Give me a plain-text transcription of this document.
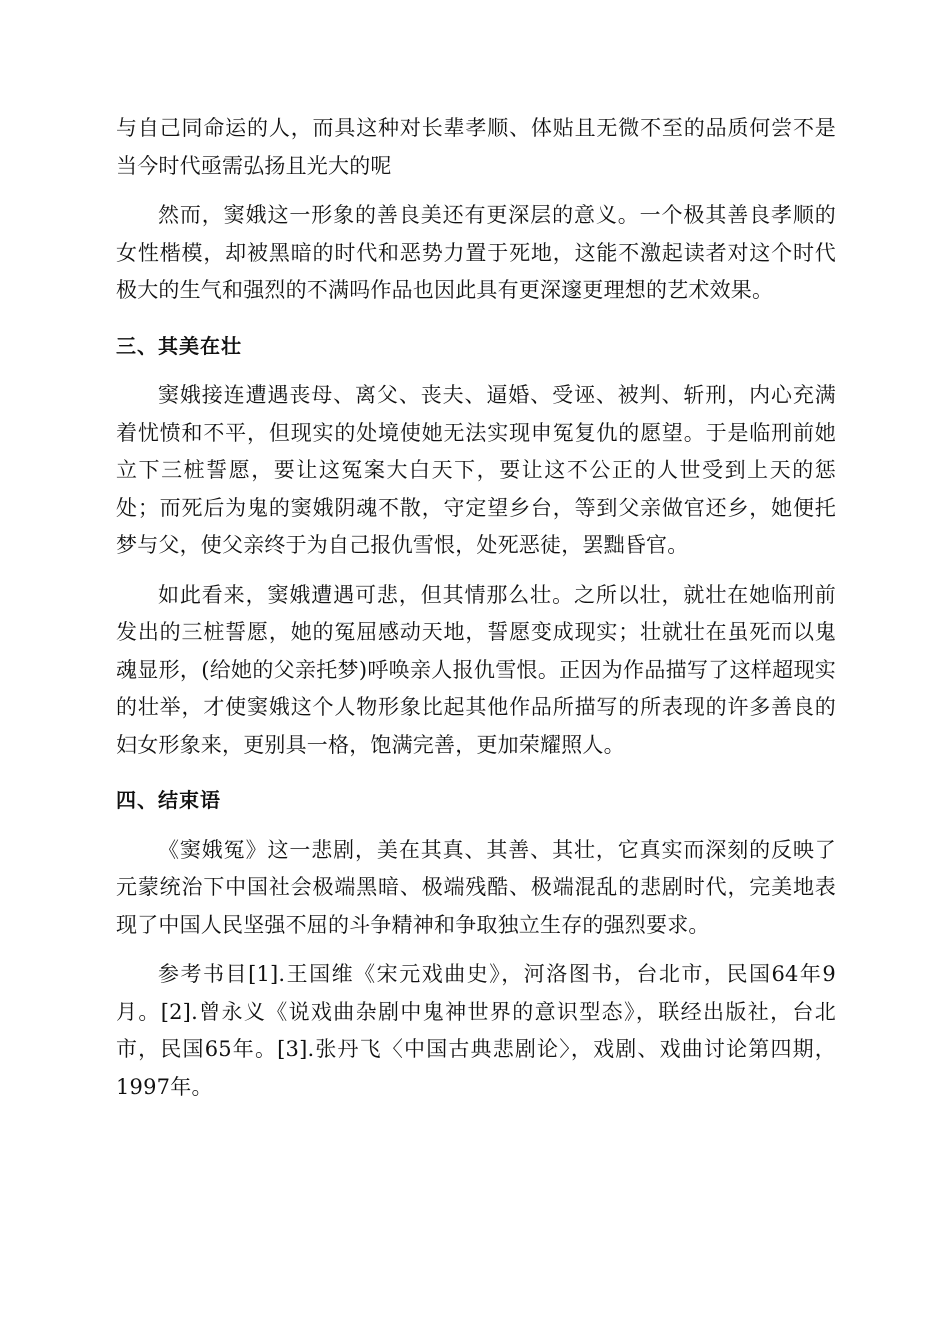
与自己同命运的人，而具这种对长辈孝顺、体贴且无微不至的品质何尝不是当今时代亟需弘扬且光大的呢

然而，窦娥这一形象的善良美还有更深层的意义。一个极其善良孝顺的女性楷模，却被黑暗的时代和恶势力置于死地，这能不激起读者对这个时代极大的生气和强烈的不满吗作品也因此具有更深邃更理想的艺术效果。

三、其美在壮

窦娥接连遭遇丧母、离父、丧夫、逼婚、受诬、被判、斩刑，内心充满着忧愤和不平，但现实的处境使她无法实现申冤复仇的愿望。于是临刑前她立下三桩誓愿，要让这冤案大白天下，要让这不公正的人世受到上天的惩处；而死后为鬼的窦娥阴魂不散，守定望乡台，等到父亲做官还乡，她便托梦与父，使父亲终于为自己报仇雪恨，处死恶徒，罢黜昏官。

如此看来，窦娥遭遇可悲，但其情那么壮。之所以壮，就壮在她临刑前发出的三桩誓愿，她的冤屈感动天地，誓愿变成现实；壮就壮在虽死而以鬼魂显形，(给她的父亲托梦)呼唤亲人报仇雪恨。正因为作品描写了这样超现实的壮举，才使窦娥这个人物形象比起其他作品所描写的所表现的许多善良的妇女形象来，更别具一格，饱满完善，更加荣耀照人。

四、结束语

《窦娥冤》这一悲剧，美在其真、其善、其壮，它真实而深刻的反映了元蒙统治下中国社会极端黑暗、极端残酷、极端混乱的悲剧时代，完美地表现了中国人民坚强不屈的斗争精神和争取独立生存的强烈要求。

参考书目[1].王国维《宋元戏曲史》，河洛图书，台北市，民国64年9月。[2].曾永义《说戏曲杂剧中鬼神世界的意识型态》，联经出版社，台北市，民国65年。[3].张丹飞〈中国古典悲剧论〉，戏剧、戏曲讨论第四期，1997年。
